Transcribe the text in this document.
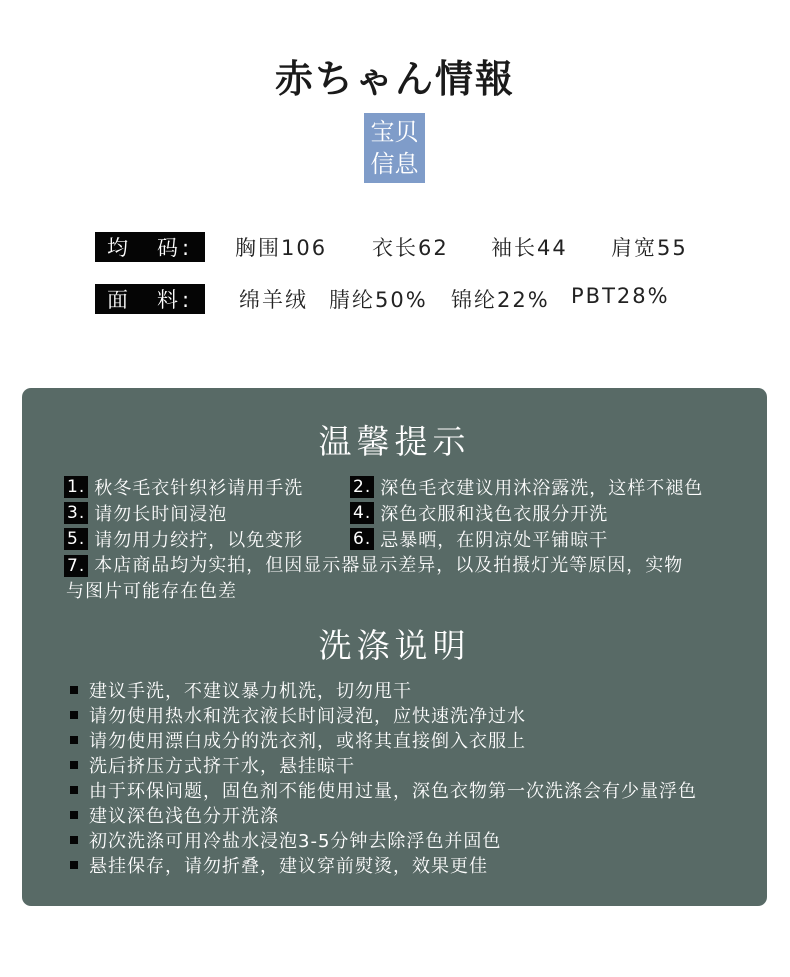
赤ちゃん情報
宝贝
信息
均　码:	胸围106	衣长62	袖长44	肩宽55
面　料:	绵羊绒	腈纶50%	锦纶22%	PBT28%
温馨提示
1. 秋冬毛衣针织衫请用手洗	2. 深色毛衣建议用沐浴露洗，这样不褪色
3. 请勿长时间浸泡	4. 深色衣服和浅色衣服分开洗
5. 请勿用力绞拧，以免变形	6. 忌暴晒，在阴凉处平铺晾干
7. 本店商品均为实拍，但因显示器显示差异，以及拍摄灯光等原因，实物
与图片可能存在色差
洗涤说明
建议手洗，不建议暴力机洗，切勿甩干
请勿使用热水和洗衣液长时间浸泡，应快速洗净过水
请勿使用漂白成分的洗衣剂，或将其直接倒入衣服上
洗后挤压方式挤干水，悬挂晾干
由于环保问题，固色剂不能使用过量，深色衣物第一次洗涤会有少量浮色
建议深色浅色分开洗涤
初次洗涤可用冷盐水浸泡3-5分钟去除浮色并固色
悬挂保存，请勿折叠，建议穿前熨烫，效果更佳
